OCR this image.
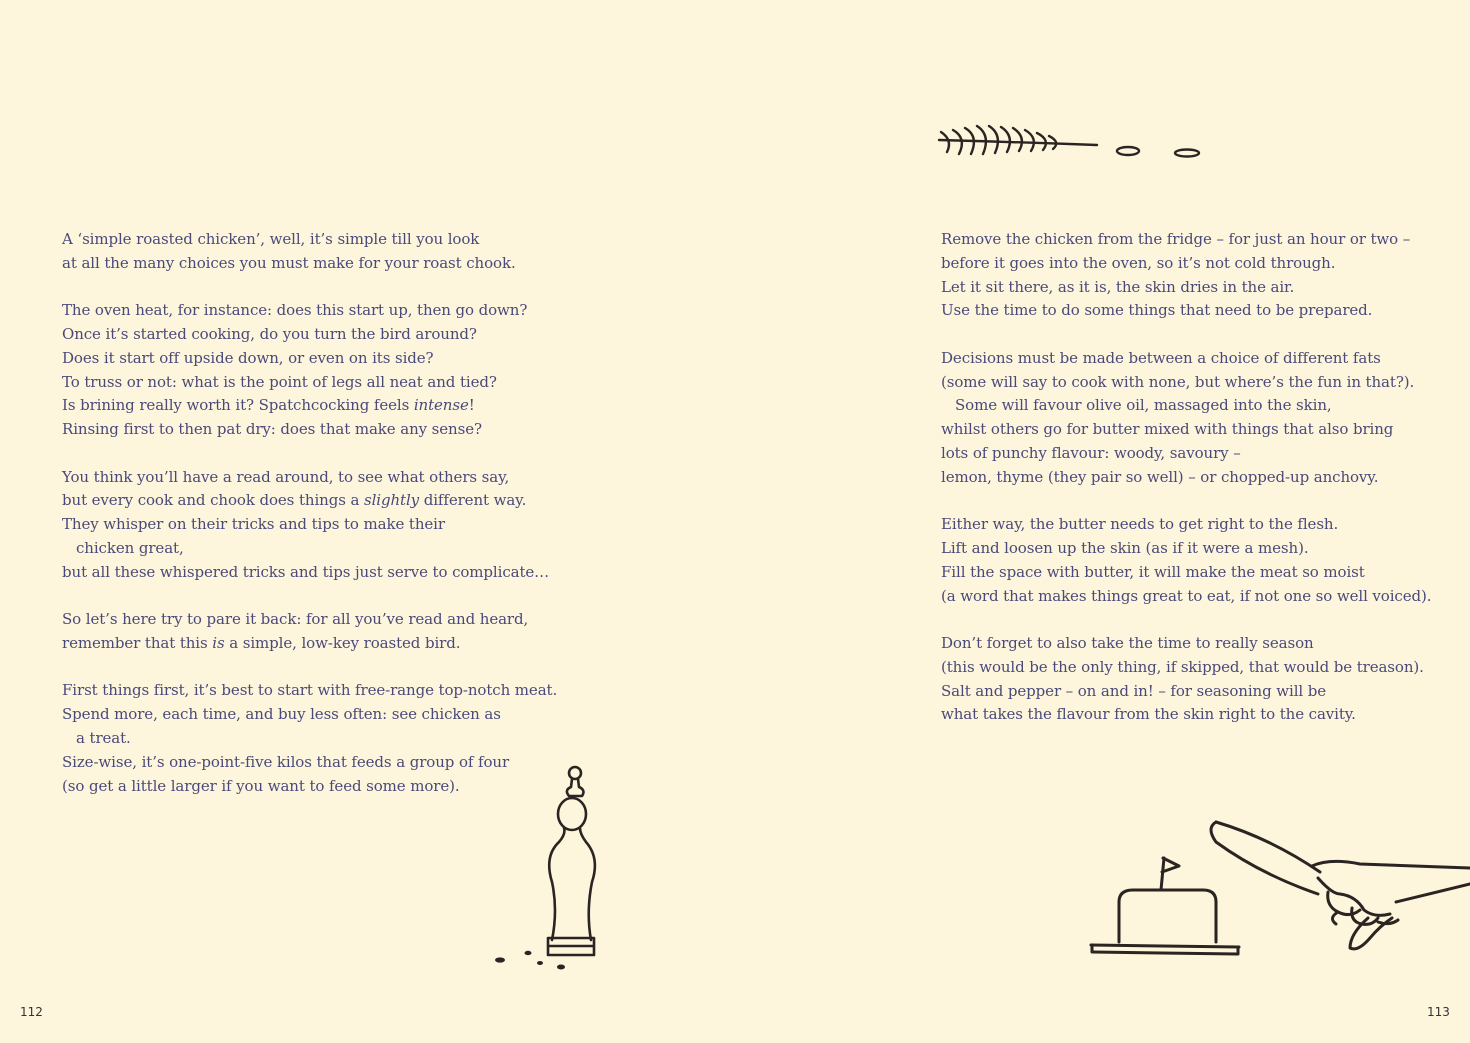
A ‘simple roasted chicken’, well, it’s simple till you look
at all the many choices you must make for your roast chook.
The oven heat, for instance: does this start up, then go down?
Once it’s started cooking, do you turn the bird around?
Does it start off upside down, or even on its side?
To truss or not: what is the point of legs all neat and tied?
Is brining really worth it? Spatchcocking feels intense!
Rinsing first to then pat dry: does that make any sense?
You think you’ll have a read around, to see what others say,
but every cook and chook does things a slightly different way.
They whisper on their tricks and tips to make their
chicken great,
but all these whispered tricks and tips just serve to complicate…
So let’s here try to pare it back: for all you’ve read and heard,
remember that this is a simple, low-key roasted bird.
First things first, it’s best to start with free-range top-notch meat.
Spend more, each time, and buy less often: see chicken as
a treat.
Size-wise, it’s one-point-five kilos that feeds a group of four
(so get a little larger if you want to feed some more).
112
Remove the chicken from the fridge – for just an hour or two –
before it goes into the oven, so it’s not cold through.
Let it sit there, as it is, the skin dries in the air.
Use the time to do some things that need to be prepared.
Decisions must be made between a choice of different fats
(some will say to cook with none, but where’s the fun in that?).
Some will favour olive oil, massaged into the skin,
whilst others go for butter mixed with things that also bring
lots of punchy flavour: woody, savoury –
lemon, thyme (they pair so well) – or chopped-up anchovy.
Either way, the butter needs to get right to the flesh.
Lift and loosen up the skin (as if it were a mesh).
Fill the space with butter, it will make the meat so moist
(a word that makes things great to eat, if not one so well voiced).
Don’t forget to also take the time to really season
(this would be the only thing, if skipped, that would be treason).
Salt and pepper – on and in! – for seasoning will be
what takes the flavour from the skin right to the cavity.
113
